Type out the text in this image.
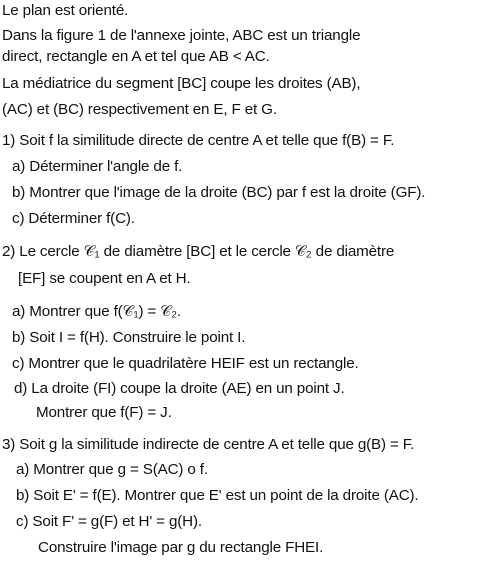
Le plan est orienté.
Dans la figure 1 de l'annexe jointe, ABC est un triangle
direct, rectangle en A et tel que AB < AC.
La médiatrice du segment [BC] coupe les droites (AB),
(AC) et (BC) respectivement en E, F et G.
1) Soit f la similitude directe de centre A et telle que f(B) = F.
a) Déterminer l'angle de f.
b) Montrer que l'image de la droite (BC) par f est la droite (GF).
c) Déterminer f(C).
2) Le cercle 𝒞₁ de diamètre [BC] et le cercle 𝒞₂ de diamètre
[EF] se coupent en A et H.
a) Montrer que f(𝒞₁) = 𝒞₂.
b) Soit I = f(H). Construire le point I.
c) Montrer que le quadrilatère HEIF est un rectangle.
d) La droite (FI) coupe la droite (AE) en un point J.
Montrer que f(F) = J.
3) Soit g la similitude indirecte de centre A et telle que g(B) = F.
a) Montrer que g = S(AC) o f.
b) Soit E' = f(E). Montrer que E' est un point de la droite (AC).
c) Soit F' = g(F) et H' = g(H).
Construire l'image par g du rectangle FHEI.
